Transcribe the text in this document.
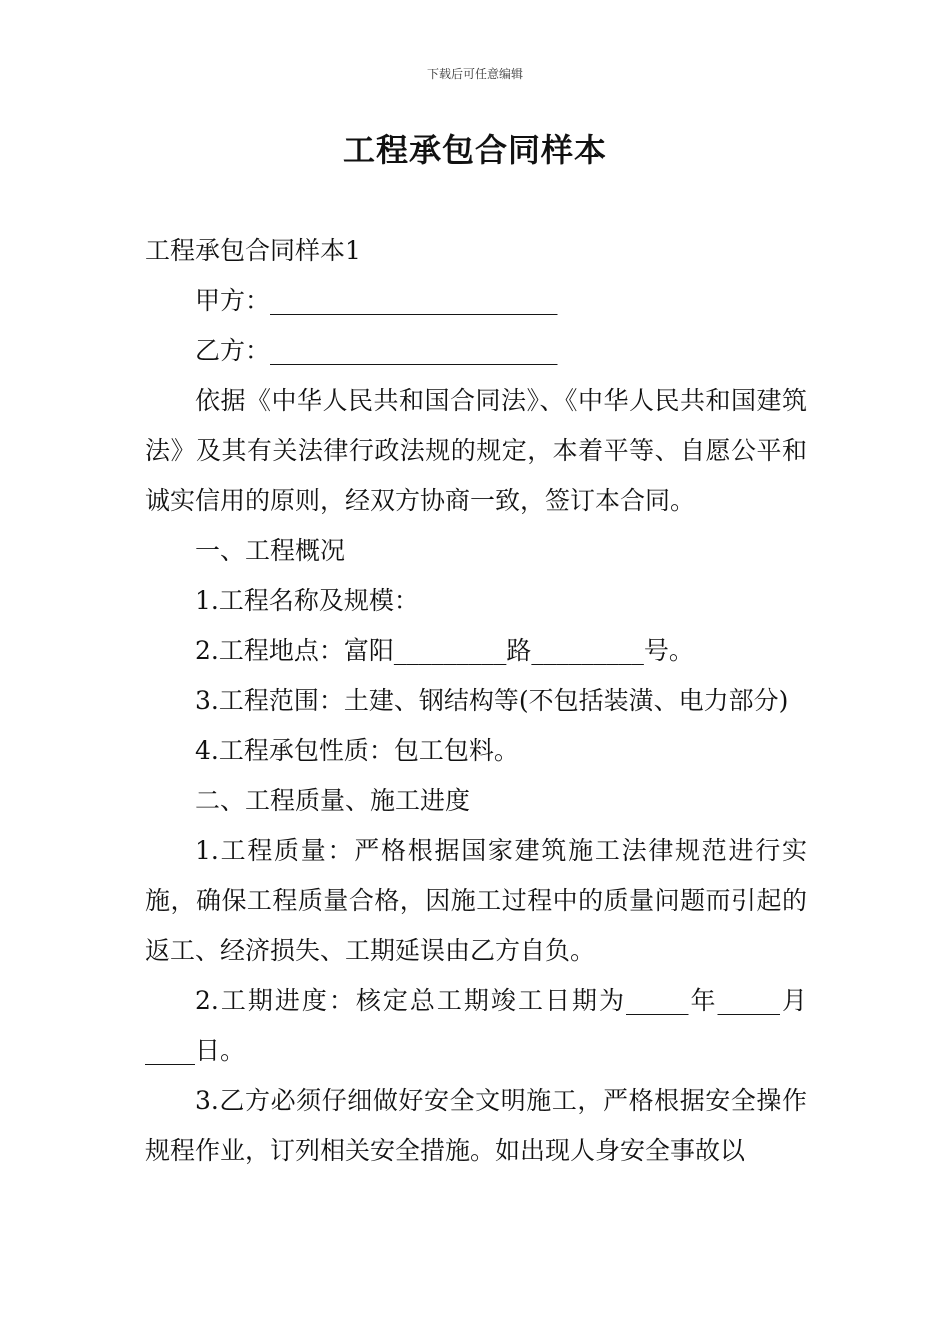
下载后可任意编辑
工程承包合同样本

工程承包合同样本1

甲方：_______________________

乙方：_______________________

依据《中华人民共和国合同法》、《中华人民共和国建筑法》及其有关法律行政法规的规定，本着平等、自愿公平和诚实信用的原则，经双方协商一致，签订本合同。

一、工程概况

1.工程名称及规模：

2.工程地点：富阳_________路_________号。

3.工程范围：土建、钢结构等(不包括装潢、电力部分)

4.工程承包性质：包工包料。

二、工程质量、施工进度

1.工程质量：严格根据国家建筑施工法律规范进行实施，确保工程质量合格，因施工过程中的质量问题而引起的返工、经济损失、工期延误由乙方自负。

2.工期进度：核定总工期竣工日期为_____年_____月____日。

3.乙方必须仔细做好安全文明施工，严格根据安全操作规程作业，订列相关安全措施。如出现人身安全事故以
